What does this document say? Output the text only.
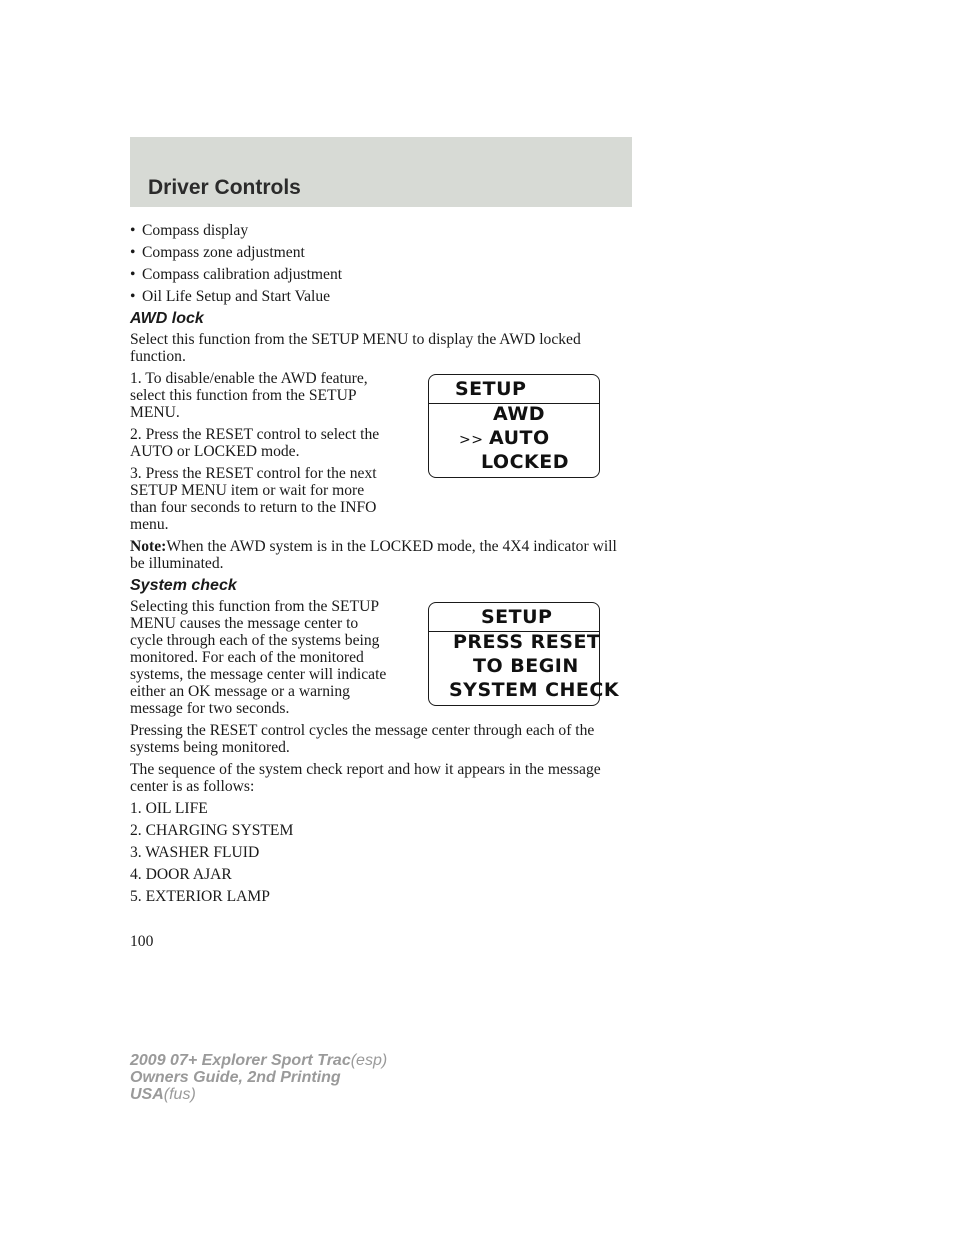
Driver Controls
• Compass display
• Compass zone adjustment
• Compass calibration adjustment
• Oil Life Setup and Start Value
AWD lock

Select this function from the SETUP MENU to display the AWD locked function.

1. To disable/enable the AWD feature, select this function from the SETUP MENU.

2. Press the RESET control to select the AUTO or LOCKED mode.

3. Press the RESET control for the next SETUP MENU item or wait for more than four seconds to return to the INFO menu.

SETUP
AWD
>> AUTO
LOCKED

Note:When the AWD system is in the LOCKED mode, the 4X4 indicator will be illuminated.

System check

Selecting this function from the SETUP MENU causes the message center to cycle through each of the systems being monitored. For each of the monitored systems, the message center will indicate either an OK message or a warning message for two seconds.

SETUP
PRESS RESET
TO BEGIN
SYSTEM CHECK

Pressing the RESET control cycles the message center through each of the systems being monitored.

The sequence of the system check report and how it appears in the message center is as follows:

1. OIL LIFE

2. CHARGING SYSTEM

3. WASHER FLUID

4. DOOR AJAR

5. EXTERIOR LAMP

100
2009 07+ Explorer Sport Trac(esp)
Owners Guide, 2nd Printing
USA(fus)
